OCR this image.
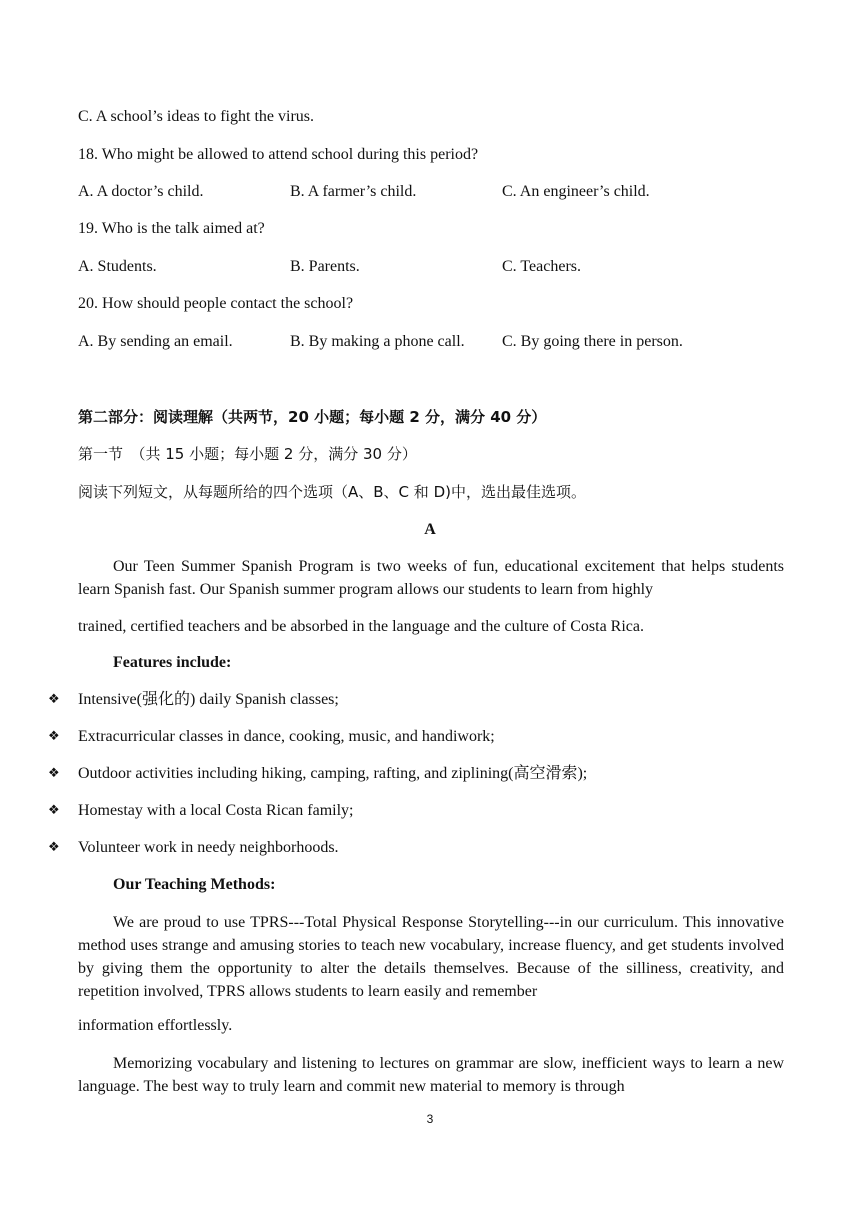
C. A school’s ideas to fight the virus.
18. Who might be allowed to attend school during this period?
A. A doctor’s child.	B. A farmer’s child.	C. An engineer’s child.
19. Who is the talk aimed at?
A. Students.	B. Parents.	C. Teachers.
20. How should people contact the school?
A. By sending an email.	B. By making a phone call. C. By going there in person.
第二部分：阅读理解（共两节，20 小题；每小题 2 分，满分 40 分）
第一节　（共 15 小题；每小题 2 分，满分 30 分）
阅读下列短文，从每题所给的四个选项（A、B、C 和 D)中，选出最佳选项。
A
Our Teen Summer Spanish Program is two weeks of fun, educational excitement that helps students learn Spanish fast. Our Spanish summer program allows our students to learn from highly
trained, certified teachers and be absorbed in the language and the culture of Costa Rica.
Features include:
❖ Intensive(强化的) daily Spanish classes;
❖ Extracurricular classes in dance, cooking, music, and handiwork;
❖ Outdoor activities including hiking, camping, rafting, and ziplining(高空滑索);
❖ Homestay with a local Costa Rican family;
❖ Volunteer work in needy neighborhoods.
Our Teaching Methods:
We are proud to use TPRS---Total Physical Response Storytelling---in our curriculum. This innovative method uses strange and amusing stories to teach new vocabulary, increase fluency, and get students involved by giving them the opportunity to alter the details themselves. Because of the silliness, creativity, and repetition involved, TPRS allows students to learn easily and remember
information effortlessly.
Memorizing vocabulary and listening to lectures on grammar are slow, inefficient ways to learn a new language. The best way to truly learn and commit new material to memory is through
3
